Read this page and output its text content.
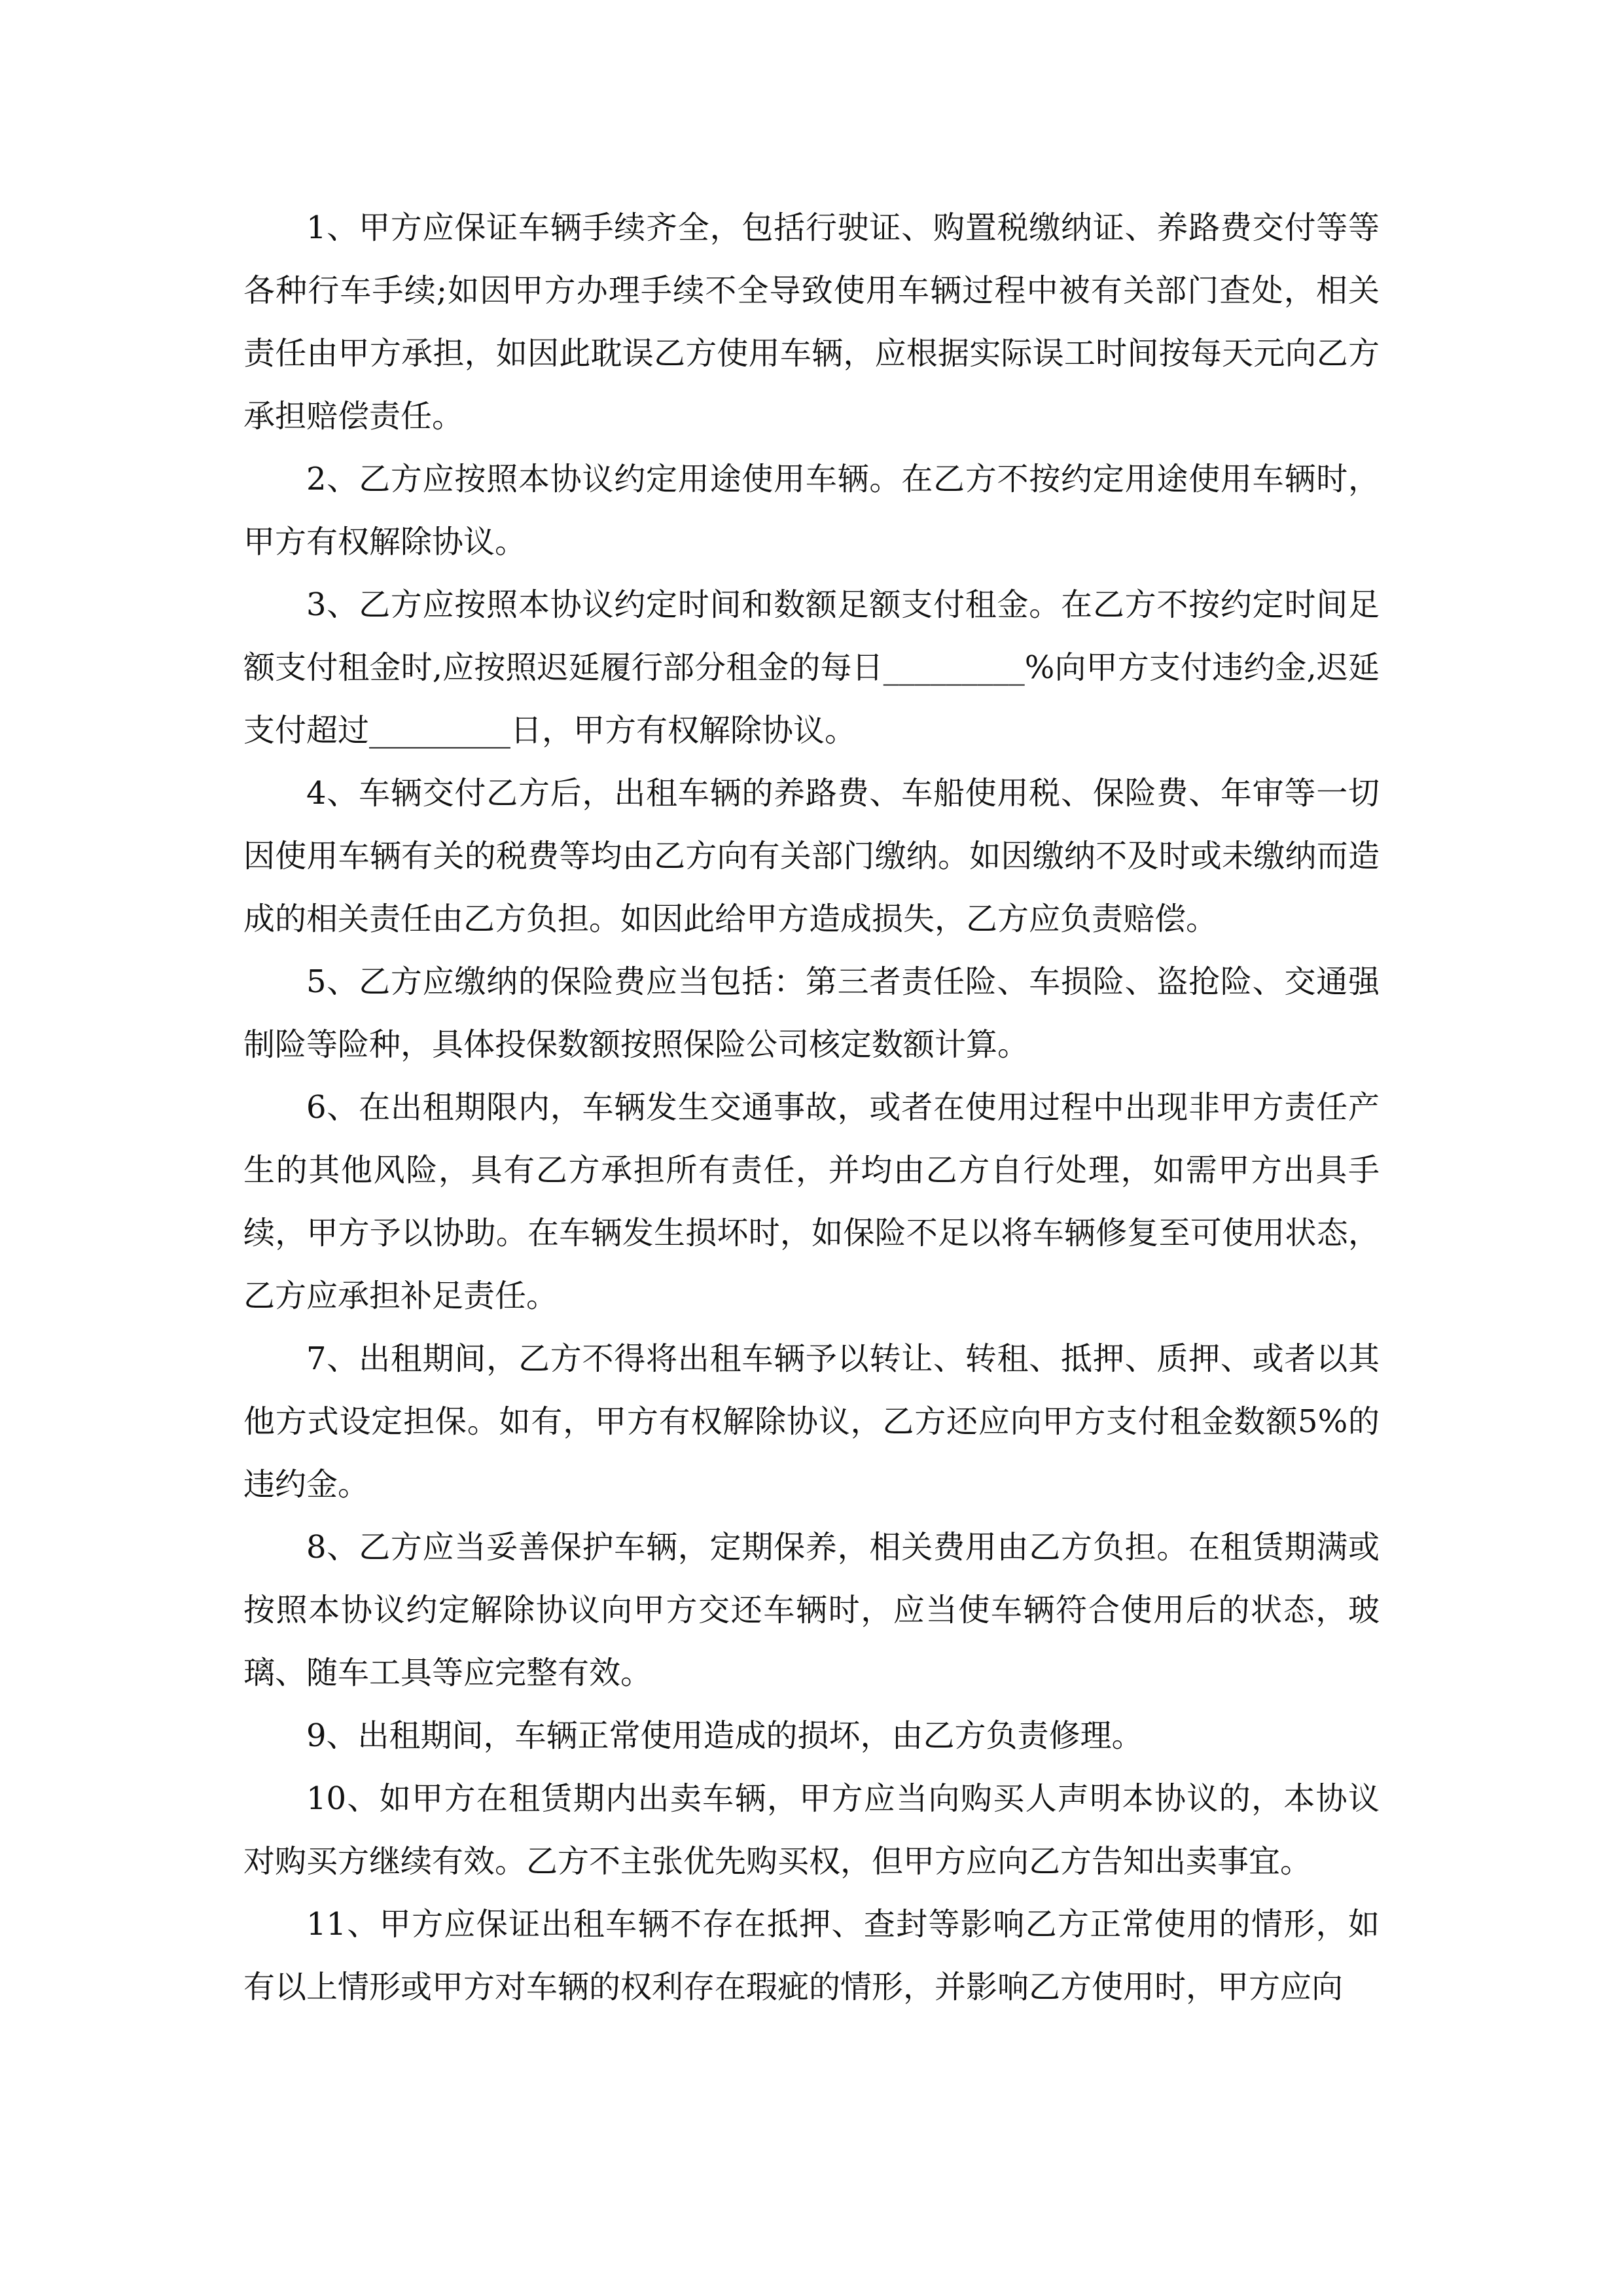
1、甲方应保证车辆手续齐全，包括行驶证、购置税缴纳证、养路费交付等等各种行车手续;如因甲方办理手续不全导致使用车辆过程中被有关部门查处，相关责任由甲方承担，如因此耽误乙方使用车辆，应根据实际误工时间按每天元向乙方承担赔偿责任。

2、乙方应按照本协议约定用途使用车辆。在乙方不按约定用途使用车辆时，甲方有权解除协议。

3、乙方应按照本协议约定时间和数额足额支付租金。在乙方不按约定时间足额支付租金时,应按照迟延履行部分租金的每日_________%向甲方支付违约金,迟延支付超过_________日，甲方有权解除协议。

4、车辆交付乙方后，出租车辆的养路费、车船使用税、保险费、年审等一切因使用车辆有关的税费等均由乙方向有关部门缴纳。如因缴纳不及时或未缴纳而造成的相关责任由乙方负担。如因此给甲方造成损失，乙方应负责赔偿。

5、乙方应缴纳的保险费应当包括：第三者责任险、车损险、盗抢险、交通强制险等险种，具体投保数额按照保险公司核定数额计算。

6、在出租期限内，车辆发生交通事故，或者在使用过程中出现非甲方责任产生的其他风险，具有乙方承担所有责任，并均由乙方自行处理，如需甲方出具手续，甲方予以协助。在车辆发生损坏时，如保险不足以将车辆修复至可使用状态，乙方应承担补足责任。

7、出租期间，乙方不得将出租车辆予以转让、转租、抵押、质押、或者以其他方式设定担保。如有，甲方有权解除协议，乙方还应向甲方支付租金数额5%的违约金。

8、乙方应当妥善保护车辆，定期保养，相关费用由乙方负担。在租赁期满或按照本协议约定解除协议向甲方交还车辆时，应当使车辆符合使用后的状态，玻璃、随车工具等应完整有效。

9、出租期间，车辆正常使用造成的损坏，由乙方负责修理。

10、如甲方在租赁期内出卖车辆，甲方应当向购买人声明本协议的，本协议对购买方继续有效。乙方不主张优先购买权，但甲方应向乙方告知出卖事宜。

11、甲方应保证出租车辆不存在抵押、查封等影响乙方正常使用的情形，如有以上情形或甲方对车辆的权利存在瑕疵的情形，并影响乙方使用时，甲方应向
